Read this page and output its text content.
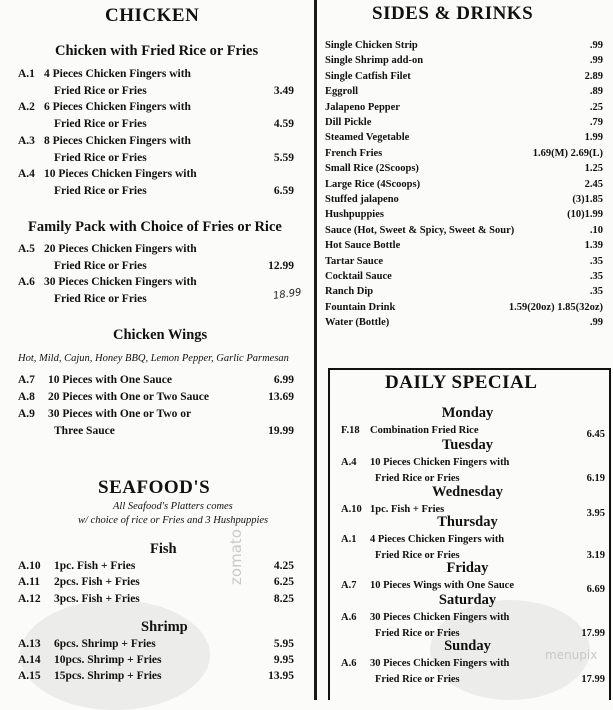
CHICKEN
Chicken with Fried Rice or Fries
A.1 4 Pieces Chicken Fingers with
Fried Rice or Fries	3.49
A.2 6 Pieces Chicken Fingers with
Fried Rice or Fries	4.59
A.3 8 Pieces Chicken Fingers with
Fried Rice or Fries	5.59
A.4 10 Pieces Chicken Fingers with
Fried Rice or Fries	6.59
Family Pack with Choice of Fries or Rice
A.5 20 Pieces Chicken Fingers with
Fried Rice or Fries	12.99
A.6 30 Pieces Chicken Fingers with
Fried Rice or Fries	18.99
Chicken Wings
Hot, Mild, Cajun, Honey BBQ, Lemon Pepper, Garlic Parmesan
A.7 10 Pieces with One Sauce	6.99
A.8 20 Pieces with One or Two Sauce	13.69
A.9 30 Pieces with One or Two or
Three Sauce	19.99
SEAFOOD'S
All Seafood's Platters comes
w/ choice of rice or Fries and 3 Hushpuppies
Fish
A.10 1pc. Fish + Fries	4.25
A.11 2pcs. Fish + Fries	6.25
A.12 3pcs. Fish + Fries	8.25
Shrimp
A.13 6pcs. Shrimp + Fries	5.95
A.14 10pcs. Shrimp + Fries	9.95
A.15 15pcs. Shrimp + Fries	13.95
SIDES & DRINKS
Single Chicken Strip	.99
Single Shrimp add-on	.99
Single Catfish Filet	2.89
Eggroll	.89
Jalapeno Pepper	.25
Dill Pickle	.79
Steamed Vegetable	1.99
French Fries	1.69(M) 2.69(L)
Small Rice (2Scoops)	1.25
Large Rice (4Scoops)	2.45
Stuffed jalapeno	(3)1.85
Hushpuppies	(10)1.99
Sauce (Hot, Sweet & Spicy, Sweet & Sour)	.10
Hot Sauce Bottle	1.39
Tartar Sauce	.35
Cocktail Sauce	.35
Ranch Dip	.35
Fountain Drink	1.59(20oz) 1.85(32oz)
Water (Bottle)	.99
DAILY SPECIAL
Monday
F.18 Combination Fried Rice	6.45
Tuesday
A.4 10 Pieces Chicken Fingers with
Fried Rice or Fries	6.19
Wednesday
A.10 1pc. Fish + Fries	3.95
Thursday
A.1 4 Pieces Chicken Fingers with
Fried Rice or Fries	3.19
Friday
A.7 10 Pieces Wings with One Sauce	6.69
Saturday
A.6 30 Pieces Chicken Fingers with
Fried Rice or Fries	17.99
Sunday
A.6 30 Pieces Chicken Fingers with
Fried Rice or Fries	17.99
zomato
menupix
